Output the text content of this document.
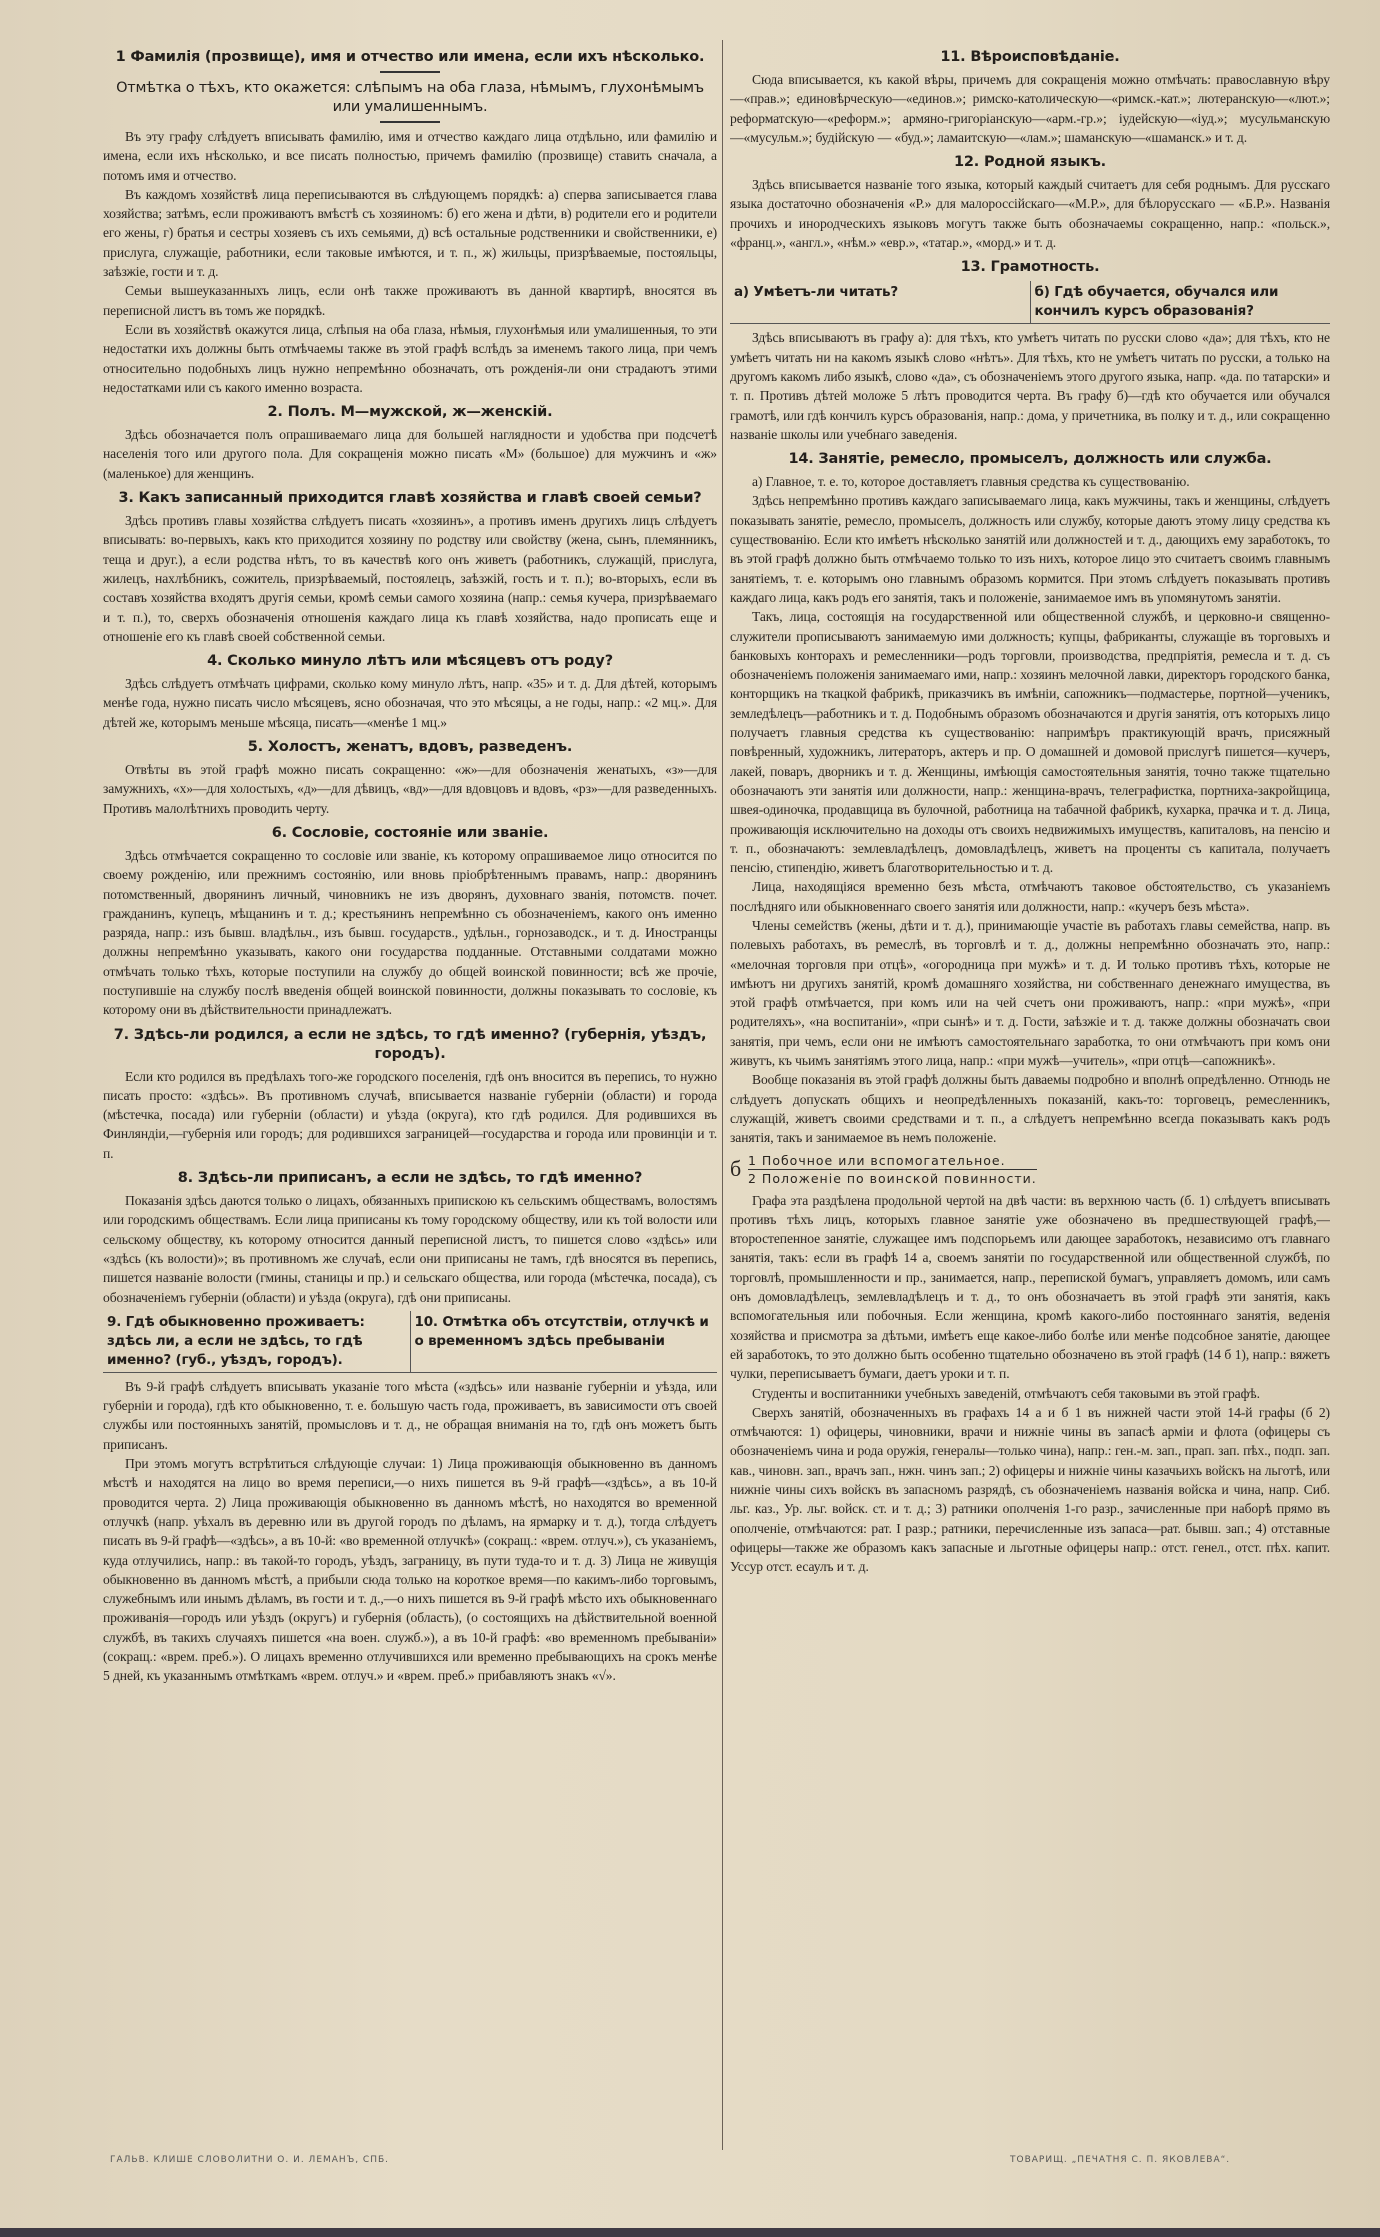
1 Фамилія (прозвище), имя и отчество или имена, если ихъ нѣсколько.
Отмѣтка о тѣхъ, кто окажется: слѣпымъ на оба глаза, нѣмымъ, глухонѣмымъ или умалишеннымъ.

Въ эту графу слѣдуетъ вписывать фамилію, имя и отчество каждаго лица отдѣльно, или фамилію и имена, если ихъ нѣсколько, и все писать полностью, причемъ фамилію (прозвище) ставить сначала, а потомъ имя и отчество.

Въ каждомъ хозяйствѣ лица переписываются въ слѣдующемъ порядкѣ: а) сперва записывается глава хозяйства; затѣмъ, если проживаютъ вмѣстѣ съ хозяиномъ: б) его жена и дѣти, в) родители его и родители его жены, г) братья и сестры хозяевъ съ ихъ семьями, д) всѣ остальные родственники и свойственники, е) прислуга, служащіе, работники, если таковые имѣются, и т. п., ж) жильцы, призрѣваемые, постояльцы, заѣзжіе, гости и т. д.

Семьи вышеуказанныхъ лицъ, если онѣ также проживаютъ въ данной квартирѣ, вносятся въ переписной листъ въ томъ же порядкѣ.

Если въ хозяйствѣ окажутся лица, слѣпыя на оба глаза, нѣмыя, глухонѣмыя или умалишенныя, то эти недостатки ихъ должны быть отмѣчаемы также въ этой графѣ вслѣдъ за именемъ такого лица, при чемъ относительно подобныхъ лицъ нужно непремѣнно обозначать, отъ рожденія-ли они страдаютъ этими недостатками или съ какого именно возраста.

2. Полъ. М—мужской, ж—женскій.

Здѣсь обозначается полъ опрашиваемаго лица для большей наглядности и удобства при подсчетѣ населенія того или другого пола. Для сокращенія можно писать «М» (большое) для мужчинъ и «ж» (маленькое) для женщинъ.

3. Какъ записанный приходится главѣ хозяйства и главѣ своей семьи?

Здѣсь противъ главы хозяйства слѣдуетъ писать «хозяинъ», а противъ именъ другихъ лицъ слѣдуетъ вписывать: во-первыхъ, какъ кто приходится хозяину по родству или свойству (жена, сынъ, племянникъ, теща и друг.), а если родства нѣтъ, то въ качествѣ кого онъ живетъ (работникъ, служащій, прислуга, жилецъ, нахлѣбникъ, сожитель, призрѣваемый, постоялецъ, заѣзжій, гость и т. п.); во-вторыхъ, если въ составъ хозяйства входятъ другія семьи, кромѣ семьи самого хозяина (напр.: семья кучера, призрѣваемаго и т. п.), то, сверхъ обозначенія отношенія каждаго лица къ главѣ хозяйства, надо прописать еще и отношеніе его къ главѣ своей собственной семьи.

4. Сколько минуло лѣтъ или мѣсяцевъ отъ роду?

Здѣсь слѣдуетъ отмѣчать цифрами, сколько кому минуло лѣтъ, напр. «35» и т. д. Для дѣтей, которымъ менѣе года, нужно писать число мѣсяцевъ, ясно обозначая, что это мѣсяцы, а не годы, напр.: «2 мц.». Для дѣтей же, которымъ меньше мѣсяца, писать—«менѣе 1 мц.»

5. Холостъ, женатъ, вдовъ, разведенъ.

Отвѣты въ этой графѣ можно писать сокращенно: «ж»—для обозначенія женатыхъ, «з»—для замужнихъ, «х»—для холостыхъ, «д»—для дѣвицъ, «вд»—для вдовцовъ и вдовъ, «рз»—для разведенныхъ. Противъ малолѣтнихъ проводить черту.

6. Сословіе, состояніе или званіе.

Здѣсь отмѣчается сокращенно то сословіе или званіе, къ которому опрашиваемое лицо относится по своему рожденію, или прежнимъ состоянію, или вновь пріобрѣтеннымъ правамъ, напр.: дворянинъ потомственный, дворянинъ личный, чиновникъ не изъ дворянъ, духовнаго званія, потомств. почет. гражданинъ, купецъ, мѣщанинъ и т. д.; крестьянинъ непремѣнно съ обозначеніемъ, какого онъ именно разряда, напр.: изъ бывш. владѣльч., изъ бывш. государств., удѣльн., горнозаводск., и т. д. Иностранцы должны непремѣнно указывать, какого они государства подданные. Отставными солдатами можно отмѣчать только тѣхъ, которые поступили на службу до общей воинской повинности; всѣ же прочіе, поступившіе на службу послѣ введенія общей воинской повинности, должны показывать то сословіе, къ которому они въ дѣйствительности принадлежатъ.

7. Здѣсь-ли родился, а если не здѣсь, то гдѣ именно? (губернія, уѣздъ, городъ).

Если кто родился въ предѣлахъ того-же городского поселенія, гдѣ онъ вносится въ перепись, то нужно писать просто: «здѣсь». Въ противномъ случаѣ, вписывается названіе губерніи (области) и города (мѣстечка, посада) или губерніи (области) и уѣзда (округа), кто гдѣ родился. Для родившихся въ Финляндіи,—губернія или городъ; для родившихся заграницей—государства и города или провинціи и т. п.

8. Здѣсь-ли приписанъ, а если не здѣсь, то гдѣ именно?

Показанія здѣсь даются только о лицахъ, обязанныхъ припискою къ сельскимъ обществамъ, волостямъ или городскимъ обществамъ. Если лица приписаны къ тому городскому обществу, или къ той волости или сельскому обществу, къ которому относится данный переписной листъ, то пишется слово «здѣсь» или «здѣсь (къ волости)»; въ противномъ же случаѣ, если они приписаны не тамъ, гдѣ вносятся въ перепись, пишется названіе волости (гмины, станицы и пр.) и сельскаго общества, или города (мѣстечка, посада), съ обозначеніемъ губерніи (области) и уѣзда (округа), гдѣ они приписаны.

9. Гдѣ обыкновенно проживаетъ: здѣсь ли, а если не здѣсь, то гдѣ именно? (губ., уѣздъ, городъ).
10. Отмѣтка объ отсутствіи, отлучкѣ и о временномъ здѣсь пребываніи

Въ 9-й графѣ слѣдуетъ вписывать указаніе того мѣста («здѣсь» или названіе губерніи и уѣзда, или губерніи и города), гдѣ кто обыкновенно, т. е. большую часть года, проживаетъ, въ зависимости отъ своей службы или постоянныхъ занятій, промысловъ и т. д., не обращая вниманія на то, гдѣ онъ можетъ быть приписанъ.

При этомъ могутъ встрѣтиться слѣдующіе случаи: 1) Лица проживающія обыкновенно въ данномъ мѣстѣ и находятся на лицо во время переписи,—о нихъ пишется въ 9-й графѣ—«здѣсь», а въ 10-й проводится черта. 2) Лица проживающія обыкновенно въ данномъ мѣстѣ, но находятся во временной отлучкѣ (напр. уѣхалъ въ деревню или въ другой городъ по дѣламъ, на ярмарку и т. д.), тогда слѣдуетъ писать въ 9-й графѣ—«здѣсь», а въ 10-й: «во временной отлучкѣ» (сокращ.: «врем. отлуч.»), съ указаніемъ, куда отлучились, напр.: въ такой-то городъ, уѣздъ, заграницу, въ пути туда-то и т. д. 3) Лица не живущія обыкновенно въ данномъ мѣстѣ, а прибыли сюда только на короткое время—по какимъ-либо торговымъ, служебнымъ или инымъ дѣламъ, въ гости и т. д.,—о нихъ пишется въ 9-й графѣ мѣсто ихъ обыкновеннаго проживанія—городъ или уѣздъ (округъ) и губернія (область), (о состоящихъ на дѣйствительной военной службѣ, въ такихъ случаяхъ пишется «на воен. служб.»), а въ 10-й графѣ: «во временномъ пребываніи» (сокращ.: «врем. преб.»). О лицахъ временно отлучившихся или временно пребывающихъ на срокъ менѣе 5 дней, къ указаннымъ отмѣткамъ «врем. отлуч.» и «врем. преб.» прибавляютъ знакъ «√».

11. Вѣроисповѣданіе.

Сюда вписывается, къ какой вѣры, причемъ для сокращенія можно отмѣчать: православную вѣру—«прав.»; единовѣрческую—«единов.»; римско-католическую—«римск.-кат.»; лютеранскую—«лют.»; реформатскую—«реформ.»; армяно-григоріанскую—«арм.-гр.»; іудейскую—«іуд.»; мусульманскую—«мусульм.»; будійскую — «буд.»; ламаитскую—«лам.»; шаманскую—«шаманск.» и т. д.

12. Родной языкъ.

Здѣсь вписывается названіе того языка, который каждый считаетъ для себя роднымъ. Для русскаго языка достаточно обозначенія «Р.» для малороссійскаго—«М.Р.», для бѣлорусскаго — «Б.Р.». Названія прочихъ и инородческихъ языковъ могутъ также быть обозначаемы сокращенно, напр.: «польск.», «франц.», «англ.», «нѣм.» «евр.», «татар.», «морд.» и т. д.

13. Грамотность.
а) Умѣетъ-ли читать?	б) Гдѣ обучается, обучался или кончилъ курсъ образованія?

Здѣсь вписываютъ въ графу а): для тѣхъ, кто умѣетъ читать по русски слово «да»; для тѣхъ, кто не умѣетъ читать ни на какомъ языкѣ слово «нѣтъ». Для тѣхъ, кто не умѣетъ читать по русски, а только на другомъ какомъ либо языкѣ, слово «да», съ обозначеніемъ этого другого языка, напр. «да. по татарски» и т. п. Противъ дѣтей моложе 5 лѣтъ проводится черта. Въ графу б)—гдѣ кто обучается или обучался грамотѣ, или гдѣ кончилъ курсъ образованія, напр.: дома, у причетника, въ полку и т. д., или сокращенно названіе школы или учебнаго заведенія.

14. Занятіе, ремесло, промыселъ, должность или служба.

а) Главное, т. е. то, которое доставляетъ главныя средства къ существованію.

Здѣсь непремѣнно противъ каждаго записываемаго лица, какъ мужчины, такъ и женщины, слѣдуетъ показывать занятіе, ремесло, промыселъ, должность или службу, которые даютъ этому лицу средства къ существованію. Если кто имѣетъ нѣсколько занятій или должностей и т. д., дающихъ ему заработокъ, то въ этой графѣ должно быть отмѣчаемо только то изъ нихъ, которое лицо это считаетъ своимъ главнымъ занятіемъ, т. е. которымъ оно главнымъ образомъ кормится. При этомъ слѣдуетъ показывать противъ каждаго лица, какъ родъ его занятія, такъ и положеніе, занимаемое имъ въ упомянутомъ занятіи.

Такъ, лица, состоящія на государственной или общественной службѣ, и церковно-и священно-служители прописываютъ занимаемую ими должность; купцы, фабриканты, служащіе въ торговыхъ и банковыхъ конторахъ и ремесленники—родъ торговли, производства, предпріятія, ремесла и т. д. съ обозначеніемъ положенія занимаемаго ими, напр.: хозяинъ мелочной лавки, директоръ городского банка, конторщикъ на ткацкой фабрикѣ, приказчикъ въ имѣніи, сапожникъ—подмастерье, портной—ученикъ, земледѣлецъ—работникъ и т. д. Подобнымъ образомъ обозначаются и другія занятія, отъ которыхъ лицо получаетъ главныя средства къ существованію: напримѣръ практикующій врачъ, присяжный повѣренный, художникъ, литераторъ, актеръ и пр. О домашней и домовой прислугѣ пишется—кучеръ, лакей, поваръ, дворникъ и т. д. Женщины, имѣющія самостоятельныя занятія, точно также тщательно обозначаютъ эти занятія или должности, напр.: женщина-врачъ, телеграфистка, портниха-закройщица, швея-одиночка, продавщица въ булочной, работница на табачной фабрикѣ, кухарка, прачка и т. д. Лица, проживающія исключительно на доходы отъ своихъ недвижимыхъ имуществъ, капиталовъ, на пенсію и т. п., обозначаютъ: землевладѣлецъ, домовладѣлецъ, живетъ на проценты съ капитала, получаетъ пенсію, стипендію, живетъ благотворительностью и т. д.

Лица, находящіяся временно безъ мѣста, отмѣчаютъ таковое обстоятельство, съ указаніемъ послѣдняго или обыкновеннаго своего занятія или должности, напр.: «кучеръ безъ мѣста».

Члены семействъ (жены, дѣти и т. д.), принимающіе участіе въ работахъ главы семейства, напр. въ полевыхъ работахъ, въ ремеслѣ, въ торговлѣ и т. д., должны непремѣнно обозначать это, напр.: «мелочная торговля при отцѣ», «огородница при мужѣ» и т. д. И только противъ тѣхъ, которые не имѣютъ ни другихъ занятій, кромѣ домашняго хозяйства, ни собственнаго денежнаго имущества, въ этой графѣ отмѣчается, при комъ или на чей счетъ они проживаютъ, напр.: «при мужѣ», «при родителяхъ», «на воспитаніи», «при сынѣ» и т. д. Гости, заѣзжіе и т. д. также должны обозначать свои занятія, при чемъ, если они не имѣютъ самостоятельнаго заработка, то они отмѣчаютъ при комъ они живутъ, къ чьимъ занятіямъ этого лица, напр.: «при мужѣ—учитель», «при отцѣ—сапожникѣ».

Вообще показанія въ этой графѣ должны быть даваемы подробно и вполнѣ опредѣленно. Отнюдь не слѣдуетъ допускать общихъ и неопредѣленныхъ показаній, какъ-то: торговецъ, ремесленникъ, служащій, живетъ своими средствами и т. п., а слѣдуетъ непремѣнно всегда показывать какъ родъ занятія, такъ и занимаемое въ немъ положеніе.

б 1 Побочное или вспомогательное.
2 Положеніе по воинской повинности.

Графа эта раздѣлена продольной чертой на двѣ части: въ верхнюю часть (б. 1) слѣдуетъ вписывать противъ тѣхъ лицъ, которыхъ главное занятіе уже обозначено въ предшествующей графѣ,—второстепенное занятіе, служащее имъ подспорьемъ или дающее заработокъ, независимо отъ главнаго занятія, такъ: если въ графѣ 14 а, своемъ занятіи по государственной или общественной службѣ, по торговлѣ, промышленности и пр., занимается, напр., перепиской бумагъ, управляетъ домомъ, или самъ онъ домовладѣлецъ, землевладѣлецъ и т. д., то онъ обозначаетъ въ этой графѣ эти занятія, какъ вспомогательныя или побочныя. Если женщина, кромѣ какого-либо постояннаго занятія, веденія хозяйства и присмотра за дѣтьми, имѣетъ еще какое-либо болѣе или менѣе подсобное занятіе, дающее ей заработокъ, то это должно быть особенно тщательно обозначено въ этой графѣ (14 б 1), напр.: вяжетъ чулки, переписываетъ бумаги, даетъ уроки и т. п.

Студенты и воспитанники учебныхъ заведеній, отмѣчаютъ себя таковыми въ этой графѣ.

Сверхъ занятій, обозначенныхъ въ графахъ 14 а и б 1 въ нижней части этой 14-й графы (б 2) отмѣчаются: 1) офицеры, чиновники, врачи и нижніе чины въ запасѣ арміи и флота (офицеры съ обозначеніемъ чина и рода оружія, генералы—только чина), напр.: ген.-м. зап., прап. зап. пѣх., подп. зап. кав., чиновн. зап., врачъ зап., нжн. чинъ зап.; 2) офицеры и нижніе чины казачьихъ войскъ на льготѣ, или нижніе чины сихъ войскъ въ запасномъ разрядѣ, съ обозначеніемъ названія войска и чина, напр. Сиб. льг. каз., Ур. льг. войск. ст. и т. д.; 3) ратники ополченія 1-го разр., зачисленные при наборѣ прямо въ ополченіе, отмѣчаются: рат. I разр.; ратники, перечисленные изъ запаса—рат. бывш. зап.; 4) отставные офицеры—также же образомъ какъ запасные и льготные офицеры напр.: отст. генел., отст. пѣх. капит. Уссур отст. есаулъ и т. д.

ГАЛЬВ. КЛИШЕ СЛОВОЛИТНИ О. И. ЛЕМАНЪ, СПБ.	ТОВАРИЩ. „ПЕЧАТНЯ С. П. ЯКОВЛЕВА“.
